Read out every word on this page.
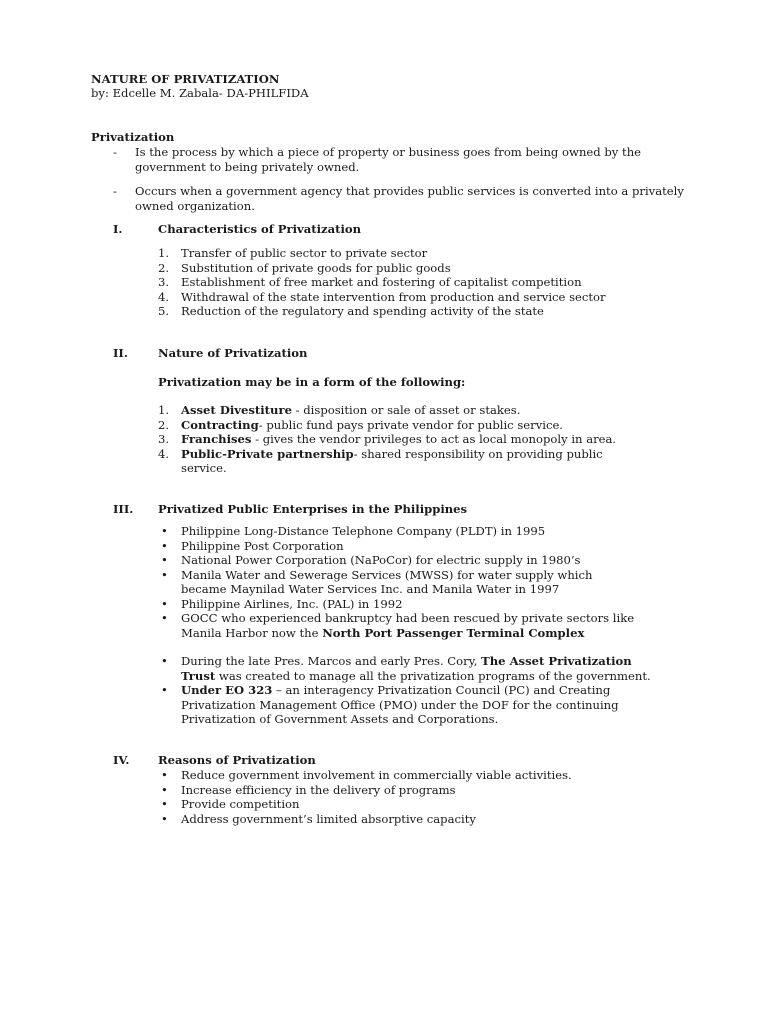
NATURE OF PRIVATIZATION
by: Edcelle M. Zabala- DA-PHILFIDA
Privatization
- Is the process by which a piece of property or business goes from being owned by the government to being privately owned.
- Occurs when a government agency that provides public services is converted into a privately owned organization.
I.	Characteristics of Privatization
1. Transfer of public sector to private sector
2. Substitution of private goods for public goods
3. Establishment of free market and fostering of capitalist competition
4. Withdrawal of the state intervention from production and service sector
5. Reduction of the regulatory and spending activity of the state
II.	Nature of Privatization
Privatization may be in a form of the following:
1. Asset Divestiture - disposition or sale of asset or stakes.
2. Contracting- public fund pays private vendor for public service.
3. Franchises - gives the vendor privileges to act as local monopoly in area.
4. Public-Private partnership- shared responsibility on providing public service.
III. Privatized Public Enterprises in the Philippines
• Philippine Long-Distance Telephone Company (PLDT) in 1995
• Philippine Post Corporation
• National Power Corporation (NaPoCor) for electric supply in 1980’s
• Manila Water and Sewerage Services (MWSS) for water supply which became Maynilad Water Services Inc. and Manila Water in 1997
• Philippine Airlines, Inc. (PAL) in 1992
• GOCC who experienced bankruptcy had been rescued by private sectors like Manila Harbor now the North Port Passenger Terminal Complex
• During the late Pres. Marcos and early Pres. Cory, The Asset Privatization Trust was created to manage all the privatization programs of the government.
• Under EO 323 – an interagency Privatization Council (PC) and Creating Privatization Management Office (PMO) under the DOF for the continuing Privatization of Government Assets and Corporations.
IV. Reasons of Privatization
• Reduce government involvement in commercially viable activities.
• Increase efficiency in the delivery of programs
• Provide competition
• Address government’s limited absorptive capacity
